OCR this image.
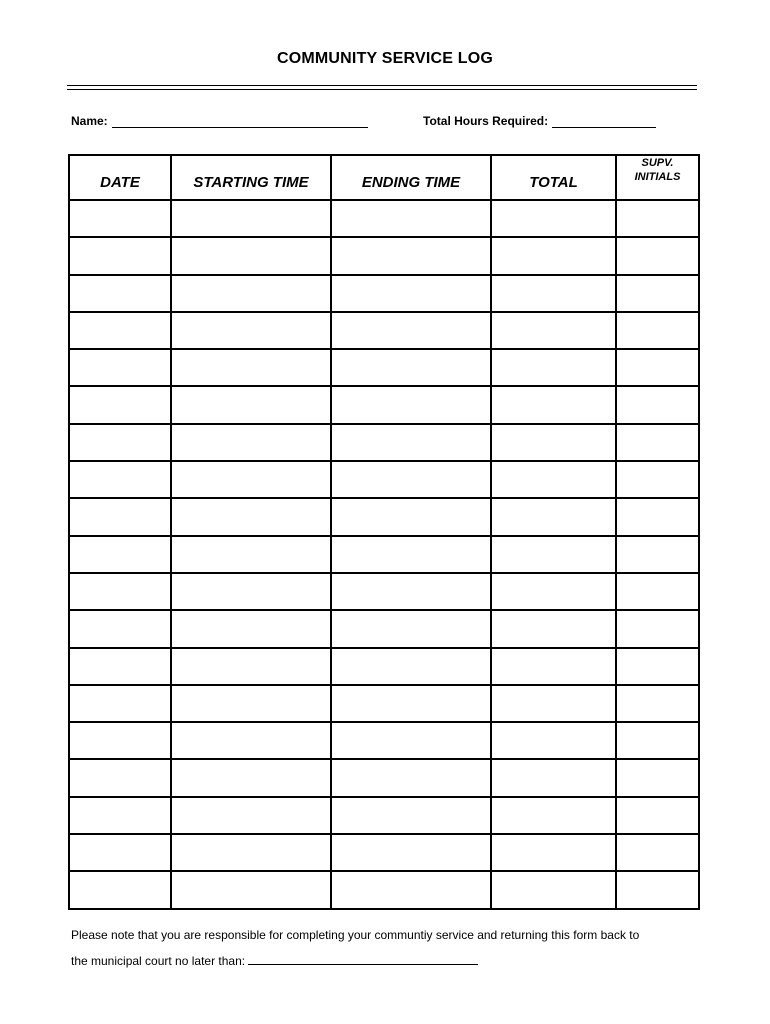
COMMUNITY SERVICE LOG
Name:	Total Hours Required:
DATE	STARTING TIME	ENDING TIME	TOTAL	SUPV.
INITIALS

Please note that you are responsible for completing your communtiy service and returning this form back to
the municipal court no later than:
